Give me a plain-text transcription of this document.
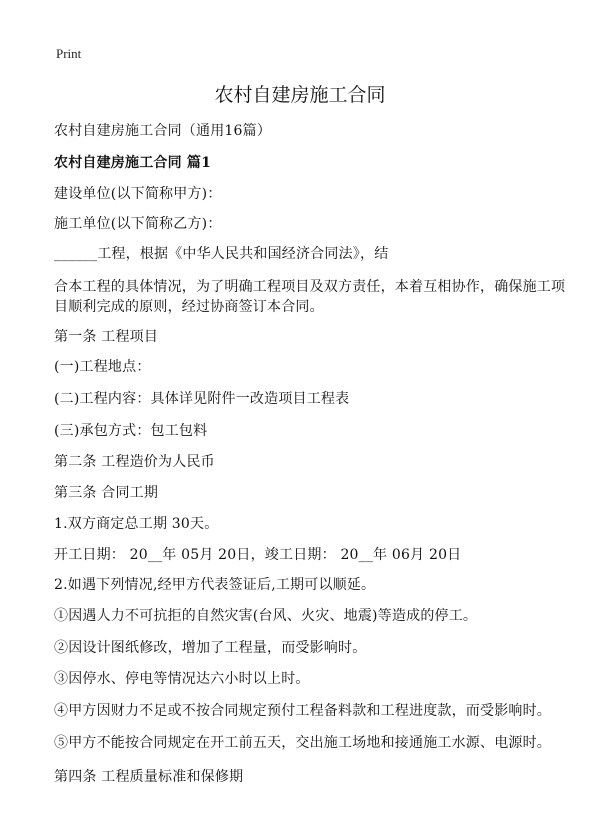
Print
农村自建房施工合同
农村自建房施工合同（通用16篇）
农村自建房施工合同 篇1
建设单位(以下简称甲方)：
施工单位(以下简称乙方)：
______工程，根据《中华人民共和国经济合同法》，结
合本工程的具体情况，为了明确工程项目及双方责任，本着互相协作，确保施工项
目顺利完成的原则，经过协商签订本合同。
第一条 工程项目
(一)工程地点：
(二)工程内容：具体详见附件一改造项目工程表
(三)承包方式：包工包料
第二条 工程造价为人民币
第三条 合同工期
1.双方商定总工期 30天。
开工日期： 20__年 05月 20日，竣工日期： 20__年 06月 20日
2.如遇下列情况,经甲方代表签证后,工期可以顺延。
①因遇人力不可抗拒的自然灾害(台风、火灾、地震)等造成的停工。
②因设计图纸修改，增加了工程量，而受影响时。
③因停水、停电等情况达六小时以上时。
④甲方因财力不足或不按合同规定预付工程备料款和工程进度款，而受影响时。
⑤甲方不能按合同规定在开工前五天，交出施工场地和接通施工水源、电源时。
第四条 工程质量标准和保修期
